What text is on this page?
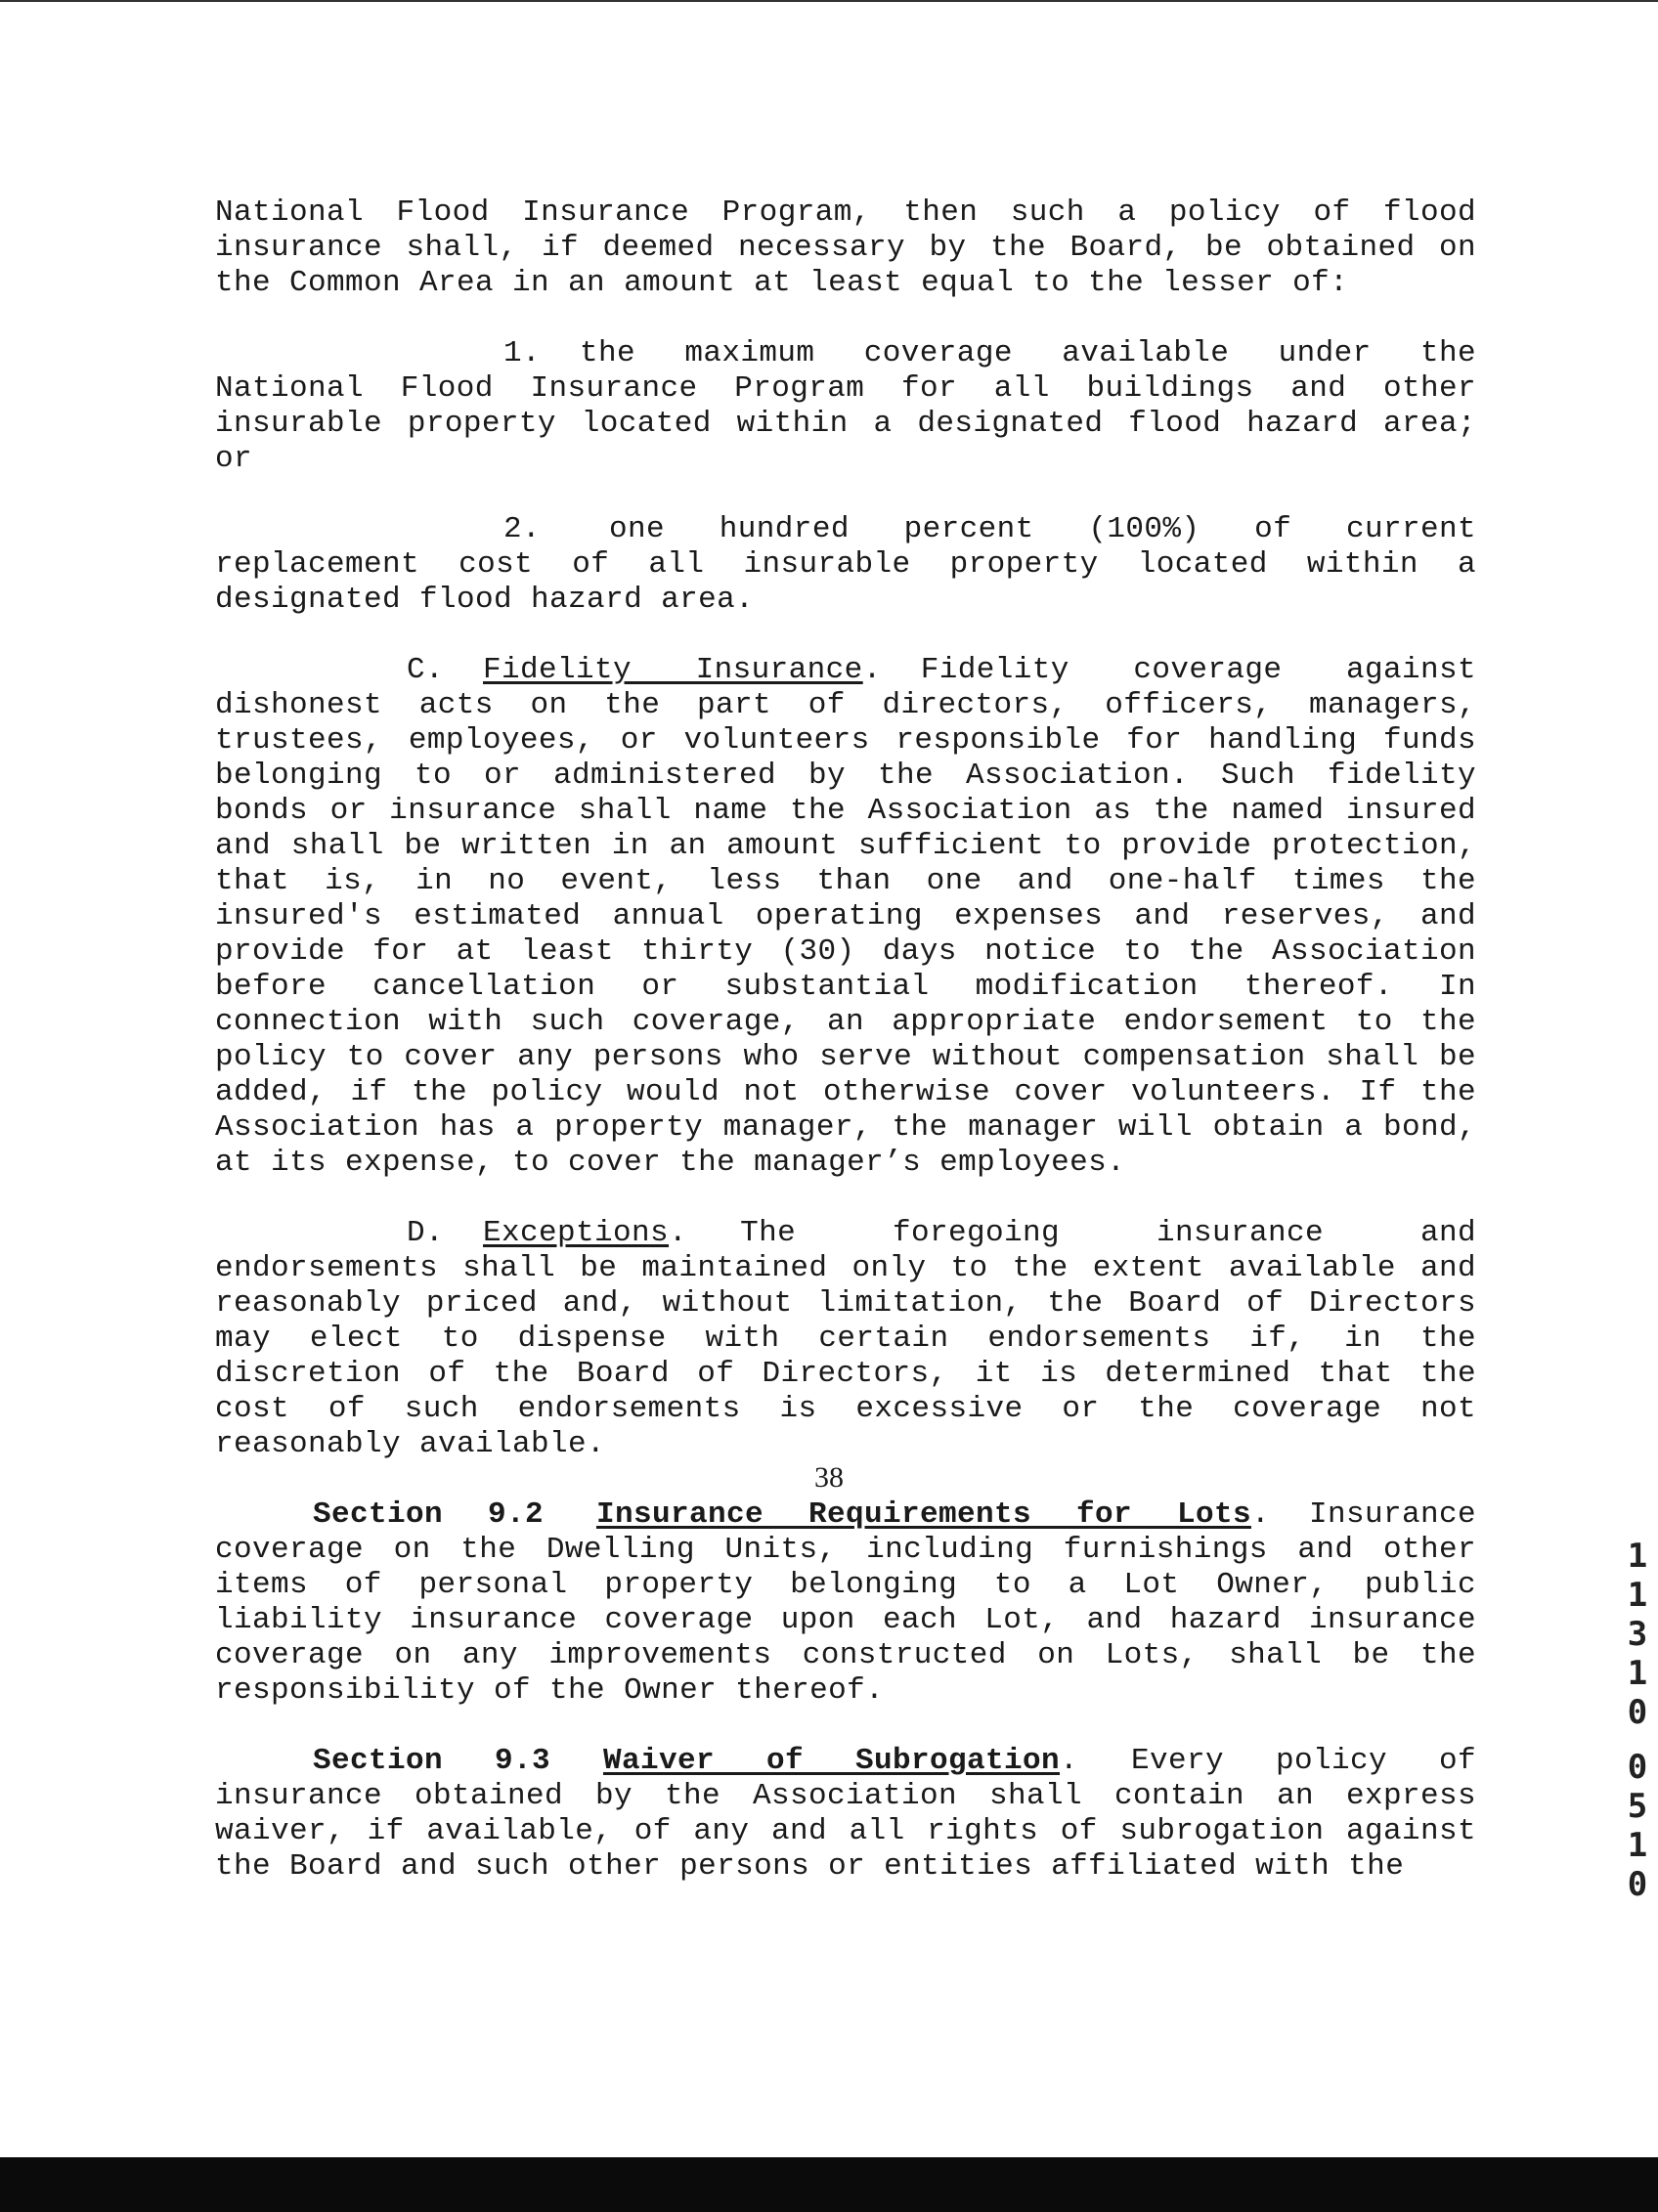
National Flood Insurance Program, then such a policy of flood insurance shall, if deemed necessary by the Board, be obtained on the Common Area in an amount at least equal to the lesser of:

1. the maximum coverage available under the National Flood Insurance Program for all buildings and other insurable property located within a designated flood hazard area; or

2. one hundred percent (100%) of current replacement cost of all insurable property located within a designated flood hazard area.

C. Fidelity Insurance. Fidelity coverage against dishonest acts on the part of directors, officers, managers, trustees, employees, or volunteers responsible for handling funds belonging to or administered by the Association. Such fidelity bonds or insurance shall name the Association as the named insured and shall be written in an amount sufficient to provide protection, that is, in no event, less than one and one-half times the insured's estimated annual operating expenses and reserves, and provide for at least thirty (30) days notice to the Association before cancellation or substantial modification thereof. In connection with such coverage, an appropriate endorsement to the policy to cover any persons who serve without compensation shall be added, if the policy would not otherwise cover volunteers. If the Association has a property manager, the manager will obtain a bond, at its expense, to cover the manager’s employees.

D. Exceptions. The foregoing insurance and endorsements shall be maintained only to the extent available and reasonably priced and, without limitation, the Board of Directors may elect to dispense with certain endorsements if, in the discretion of the Board of Directors, it is determined that the cost of such endorsements is excessive or the coverage not reasonably available.

Section 9.2 Insurance Requirements for Lots. Insurance coverage on the Dwelling Units, including furnishings and other items of personal property belonging to a Lot Owner, public liability insurance coverage upon each Lot, and hazard insurance coverage on any improvements constructed on Lots, shall be the responsibility of the Owner thereof.

Section 9.3 Waiver of Subrogation. Every policy of insurance obtained by the Association shall contain an express waiver, if available, of any and all rights of subrogation against the Board and such other persons or entities affiliated with the

38
1
1
3
1
0
0
5
1
0
